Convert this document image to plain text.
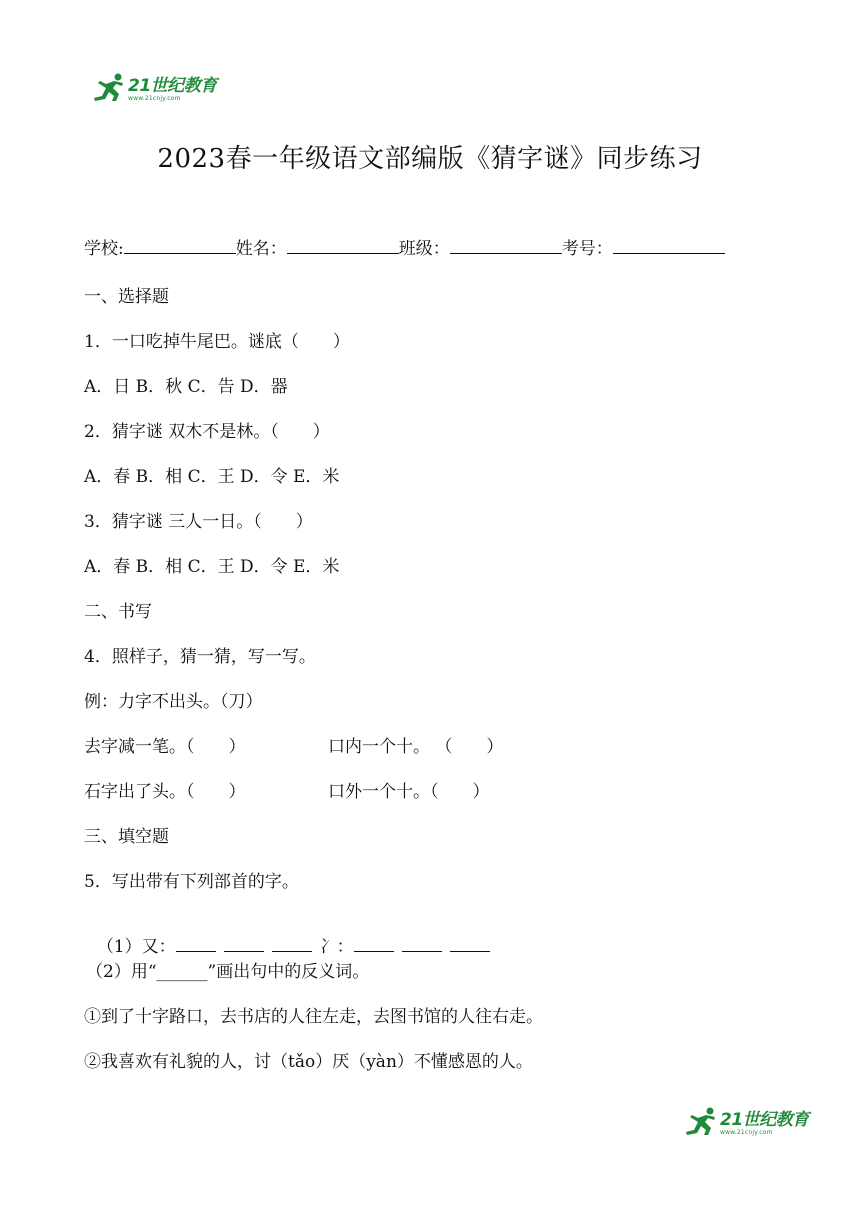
21世纪教育
www.21cnjy.com
2023春一年级语文部编版《猜字谜》同步练习
学校:	姓名：	班级：	考号：
一、选择题
1．一口吃掉牛尾巴。谜底（　　）
A．日 B．秋 C．告 D．器
2．猜字谜 双木不是林。（　　）
A．春 B．相 C．王 D．令 E．米
3．猜字谜 三人一日。（　　）
A．春 B．相 C．王 D．令 E．米
二、书写
4．照样子，猜一猜，写一写。
例：力字不出头。（刀）
去字减一笔。（　　）	口内一个十。 （　　）
石字出了头。（　　）	口外一个十。（　　）
三、填空题
5．写出带有下列部首的字。

（1）又：	冫：

（2）用“______”画出句中的反义词。
①到了十字路口，去书店的人往左走，去图书馆的人往右走。
②我喜欢有礼貌的人，讨（tǎo）厌（yàn）不懂感恩的人。
21世纪教育
www.21cnjy.com
